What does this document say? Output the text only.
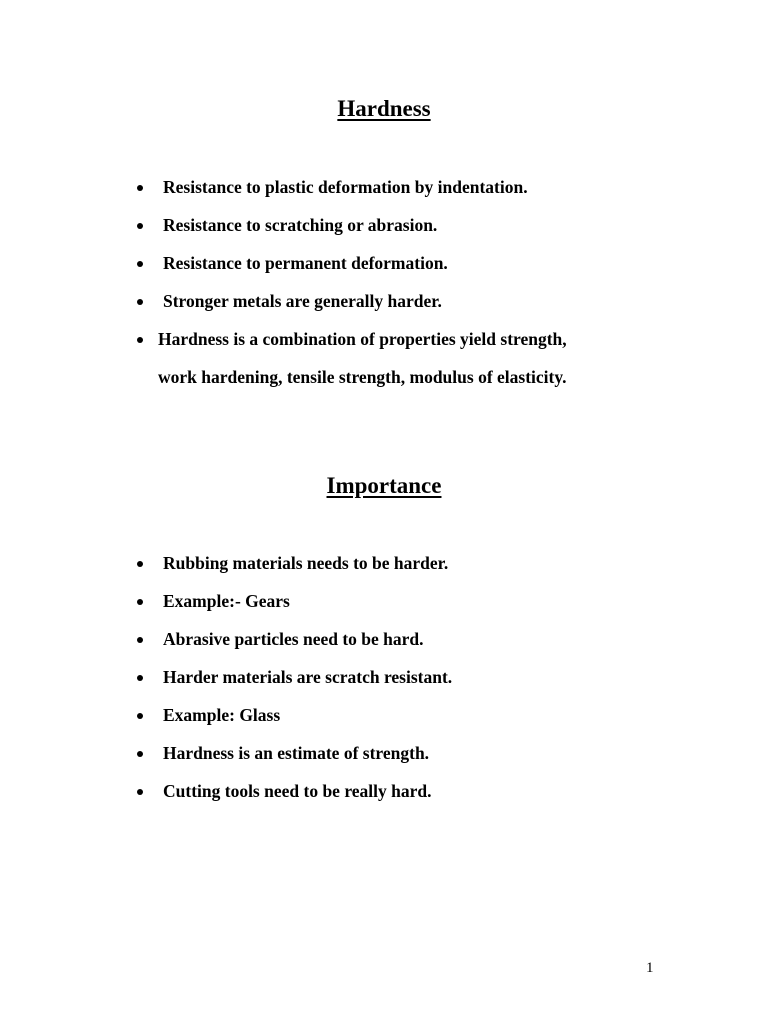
Hardness
Resistance to plastic deformation by indentation.
Resistance to scratching or abrasion.
Resistance to permanent deformation.
Stronger metals are generally harder.
Hardness is a combination of properties yield strength,
work hardening, tensile strength, modulus of elasticity.
Importance
Rubbing materials needs to be harder.
Example:- Gears
Abrasive particles need to be hard.
Harder materials are scratch resistant.
Example: Glass
Hardness is an estimate of strength.
Cutting tools need to be really hard.
1
